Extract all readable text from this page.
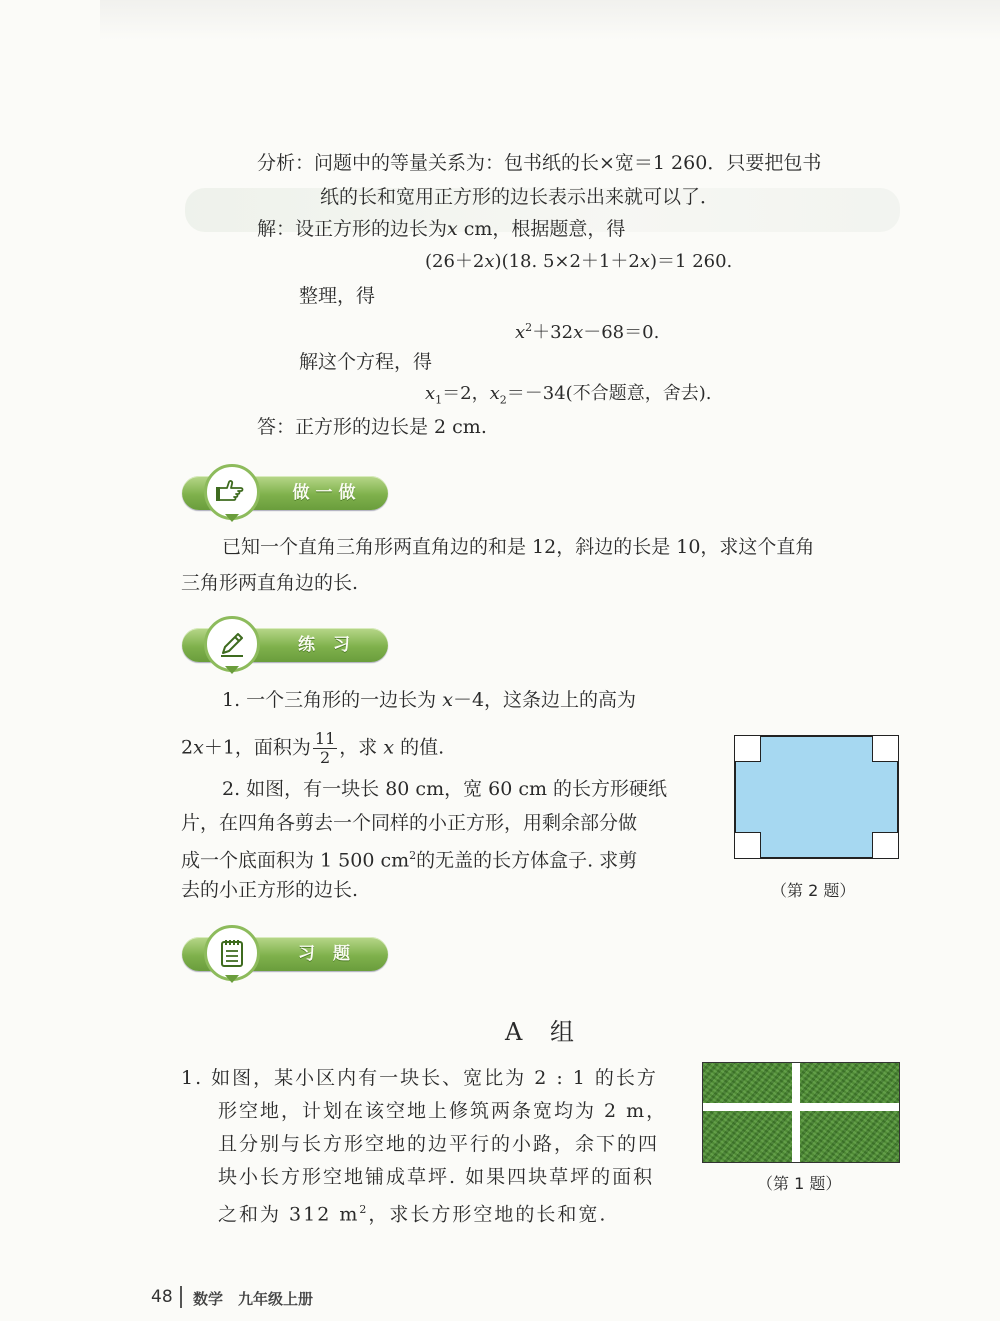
分析：问题中的等量关系为：包书纸的长×宽＝1 260．只要把包书
纸的长和宽用正方形的边长表示出来就可以了．
解：设正方形的边长为x cm，根据题意，得
(26＋2x)(18. 5×2＋1＋2x)＝1 260.
整理，得
$x^2+32x-68=0$.
解这个方程，得
$x_1=2$，$x_2=-34$(不合题意，舍去).
答：正方形的边长是 2 cm.
做一做
已知一个直角三角形两直角边的和是 12，斜边的长是 10，求这个直角
三角形两直角边的长.
练 习
1. 一个三角形的一边长为 x－4，这条边上的高为
2x＋1，面积为 $\frac{11}{2}$ ，求 x 的值.
2. 如图，有一块长 80 cm，宽 60 cm 的长方形硬纸
片，在四角各剪去一个同样的小正方形，用剩余部分做
成一个底面积为 1 500 $cm^2$的无盖的长方体盒子. 求剪
去的小正方形的边长.	（第 2 题）
习 题
A 组
1. 如图，某小区内有一块长、宽比为 2 : 1 的长方
形空地，计划在该空地上修筑两条宽均为 2 m，
且分别与长方形空地的边平行的小路，余下的四
块小长方形空地铺成草坪. 如果四块草坪的面积
之和为 312 $m^2$，求长方形空地的长和宽.
（第 1 题）
48 数学　九年级上册
